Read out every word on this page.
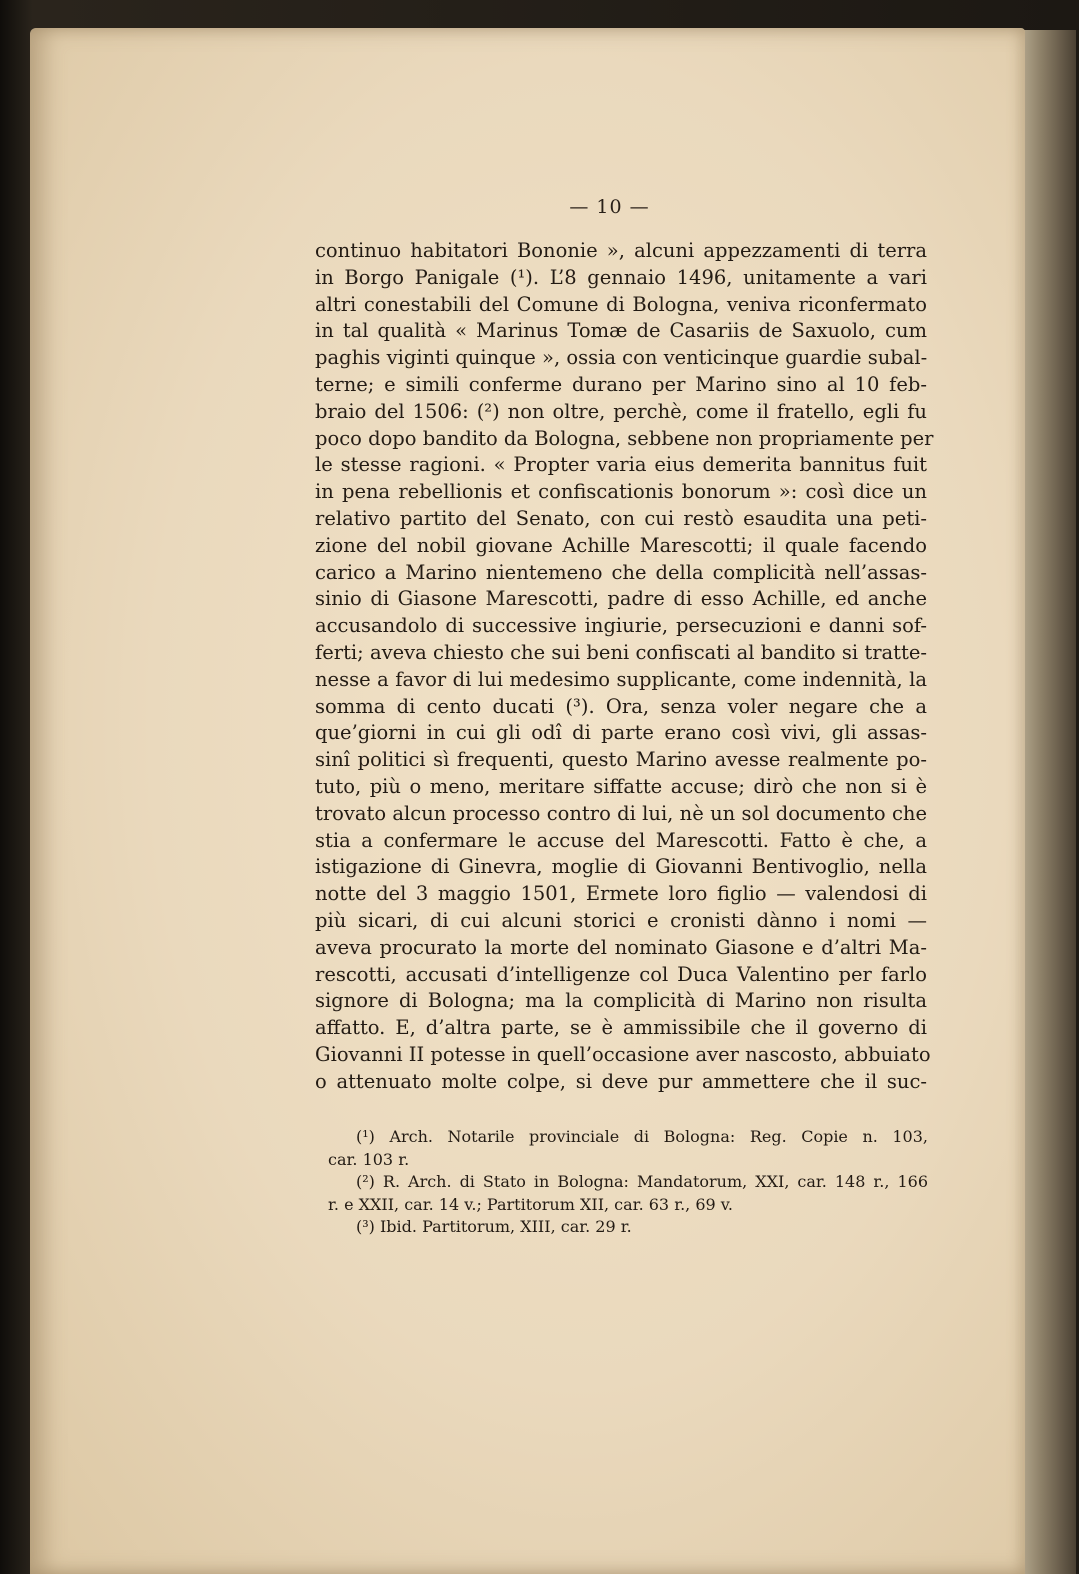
— 10 —
continuo habitatori Bononie », alcuni appezzamenti di terra
in Borgo Panigale (¹). L’8 gennaio 1496, unitamente a vari
altri conestabili del Comune di Bologna, veniva riconfermato
in tal qualità « Marinus Tomæ de Casariis de Saxuolo, cum
paghis viginti quinque », ossia con venticinque guardie subal-
terne; e simili conferme durano per Marino sino al 10 feb-
braio del 1506: (²) non oltre, perchè, come il fratello, egli fu
poco dopo bandito da Bologna, sebbene non propriamente per
le stesse ragioni. « Propter varia eius demerita bannitus fuit
in pena rebellionis et confiscationis bonorum »: così dice un
relativo partito del Senato, con cui restò esaudita una peti-
zione del nobil giovane Achille Marescotti; il quale facendo
carico a Marino nientemeno che della complicità nell’assas-
sinio di Giasone Marescotti, padre di esso Achille, ed anche
accusandolo di successive ingiurie, persecuzioni e danni sof-
ferti; aveva chiesto che sui beni confiscati al bandito si tratte-
nesse a favor di lui medesimo supplicante, come indennità, la
somma di cento ducati (³). Ora, senza voler negare che a
que’giorni in cui gli odî di parte erano così vivi, gli assas-
sinî politici sì frequenti, questo Marino avesse realmente po-
tuto, più o meno, meritare siffatte accuse; dirò che non si è
trovato alcun processo contro di lui, nè un sol documento che
stia a confermare le accuse del Marescotti. Fatto è che, a
istigazione di Ginevra, moglie di Giovanni Bentivoglio, nella
notte del 3 maggio 1501, Ermete loro figlio — valendosi di
più sicari, di cui alcuni storici e cronisti dànno i nomi —
aveva procurato la morte del nominato Giasone e d’altri Ma-
rescotti, accusati d’intelligenze col Duca Valentino per farlo
signore di Bologna; ma la complicità di Marino non risulta
affatto. E, d’altra parte, se è ammissibile che il governo di
Giovanni II potesse in quell’occasione aver nascosto, abbuiato
o attenuato molte colpe, si deve pur ammettere che il suc-
(¹) Arch. Notarile provinciale di Bologna: Reg. Copie n. 103,
car. 103 r.
(²) R. Arch. di Stato in Bologna: Mandatorum, XXI, car. 148 r., 166
r. e XXII, car. 14 v.; Partitorum XII, car. 63 r., 69 v.
(³) Ibid. Partitorum, XIII, car. 29 r.
